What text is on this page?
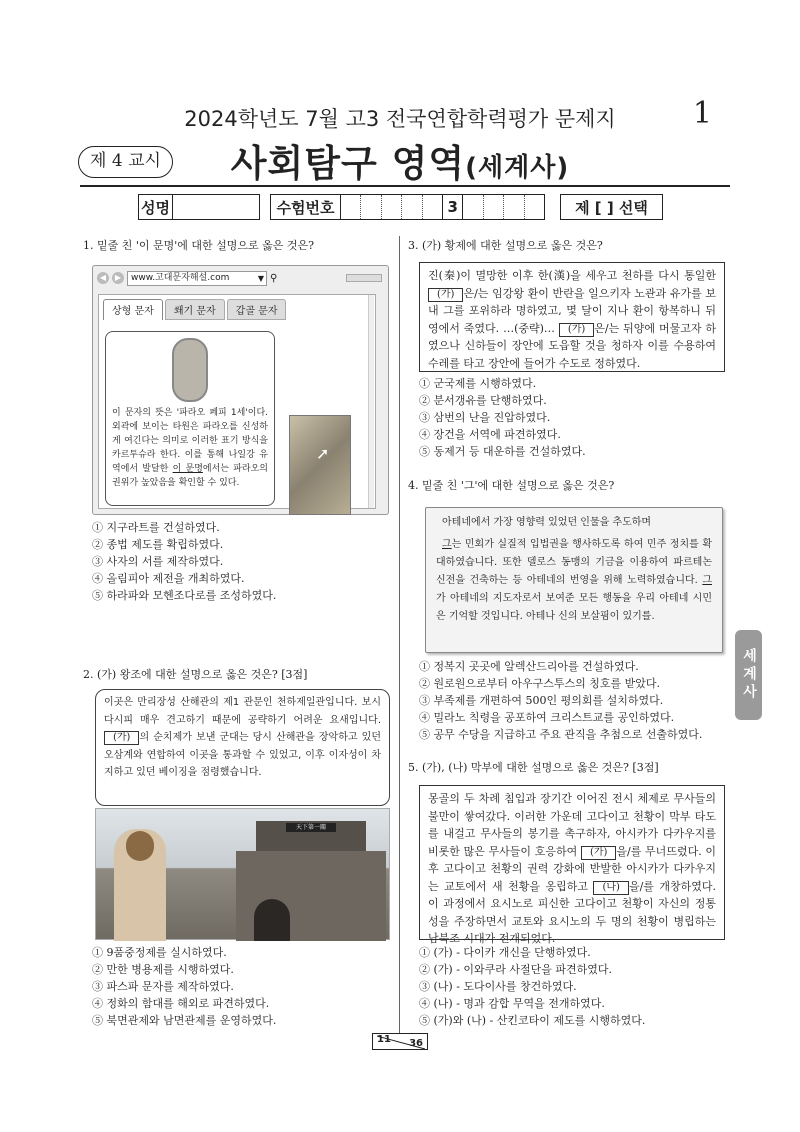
2024학년도 7월 고3 전국연합학력평가 문제지	1
제 4 교시	사회탐구 영역(세계사)
성명	수험번호	3	제 [ ] 선택
1. 밑줄 친 '이 문명'에 대한 설명으로 옳은 것은?
◀	▶	www.고대문자해설.com	▼ ⚲
상형 문자	쐐기 문자	갑골 문자
이 문자의 뜻은 '파라오 페피 1세'이다. 외곽에 보이는 타원은 파라오를 신성하게 여긴다는 의미로 이러한 표기 방식을 카르투슈라 한다. 이를 통해 나일강 유역에서 발달한 이 문명에서는 파라오의 권위가 높았음을 확인할 수 있다.
➚
① 지구라트를 건설하였다.
② 종법 제도를 확립하였다.
③ 사자의 서를 제작하였다.
④ 올림피아 제전을 개최하였다.
⑤ 하라파와 모헨조다로를 조성하였다.
2. (가) 왕조에 대한 설명으로 옳은 것은? [3점]
이곳은 만리장성 산해관의 제1 관문인 천하제일관입니다. 보시다시피 매우 견고하기 때문에 공략하기 어려운 요새입니다. (가) 의 순치제가 보낸 군대는 당시 산해관을 장악하고 있던 오삼계와 연합하여 이곳을 통과할 수 있었고, 이후 이자성이 차지하고 있던 베이징을 점령했습니다.
天下第一關
① 9품중정제를 실시하였다.
② 만한 병용제를 시행하였다.
③ 파스파 문자를 제작하였다.
④ 정화의 함대를 해외로 파견하였다.
⑤ 북면관제와 남면관제를 운영하였다.
3. (가) 황제에 대한 설명으로 옳은 것은?
진(秦)이 멸망한 이후 한(漢)을 세우고 천하를 다시 통일한 (가) 은/는 임강왕 환이 반란을 일으키자 노관과 유가를 보내 그를 포위하라 명하였고, 몇 달이 지나 환이 항복하니 뒤영에서 죽였다. …(중략)… (가) 은/는 뒤양에 머물고자 하였으나 신하들이 장안에 도읍할 것을 청하자 이를 수용하여 수레를 타고 장안에 들어가 수도로 정하였다.
① 군국제를 시행하였다.
② 분서갱유를 단행하였다.
③ 삼번의 난을 진압하였다.
④ 장건을 서역에 파견하였다.
⑤ 동제거 등 대운하를 건설하였다.
4. 밑줄 친 '그'에 대한 설명으로 옳은 것은?
아테네에서 가장 영향력 있었던 인물을 추도하며
그는 민회가 실질적 입법권을 행사하도록 하여 민주 정치를 확대하였습니다. 또한 델로스 동맹의 기금을 이용하여 파르테논 신전을 건축하는 등 아테네의 번영을 위해 노력하였습니다. 그가 아테네의 지도자로서 보여준 모든 행동을 우리 아테네 시민은 기억할 것입니다. 아테나 신의 보살핌이 있기를.
① 정복지 곳곳에 알렉산드리아를 건설하였다.
② 원로원으로부터 아우구스투스의 칭호를 받았다.
③ 부족제를 개편하여 500인 평의회를 설치하였다.
④ 밀라노 칙령을 공포하여 크리스트교를 공인하였다.
⑤ 공무 수당을 지급하고 주요 관직을 추첨으로 선출하였다.
5. (가), (나) 막부에 대한 설명으로 옳은 것은? [3점]
몽골의 두 차례 침입과 장기간 이어진 전시 체제로 무사들의 불만이 쌓여갔다. 이러한 가운데 고다이고 천황이 막부 타도를 내걸고 무사들의 봉기를 촉구하자, 아시카가 다카우지를 비롯한 많은 무사들이 호응하여 (가) 을/를 무너뜨렸다. 이후 고다이고 천황의 권력 강화에 반발한 아시카가 다카우지는 교토에서 새 천황을 옹립하고 (나) 을/를 개창하였다. 이 과정에서 요시노로 피신한 고다이고 천황이 자신의 정통성을 주장하면서 교토와 요시노의 두 명의 천황이 병립하는 남북조 시대가 전개되었다.
① (가) - 다이카 개신을 단행하였다.
② (가) - 이와쿠라 사절단을 파견하였다.
③ (나) - 도다이사를 창건하였다.
④ (나) - 명과 감합 무역을 전개하였다.
⑤ (가)와 (나) - 산킨코타이 제도를 시행하였다.
세계사
11 36
